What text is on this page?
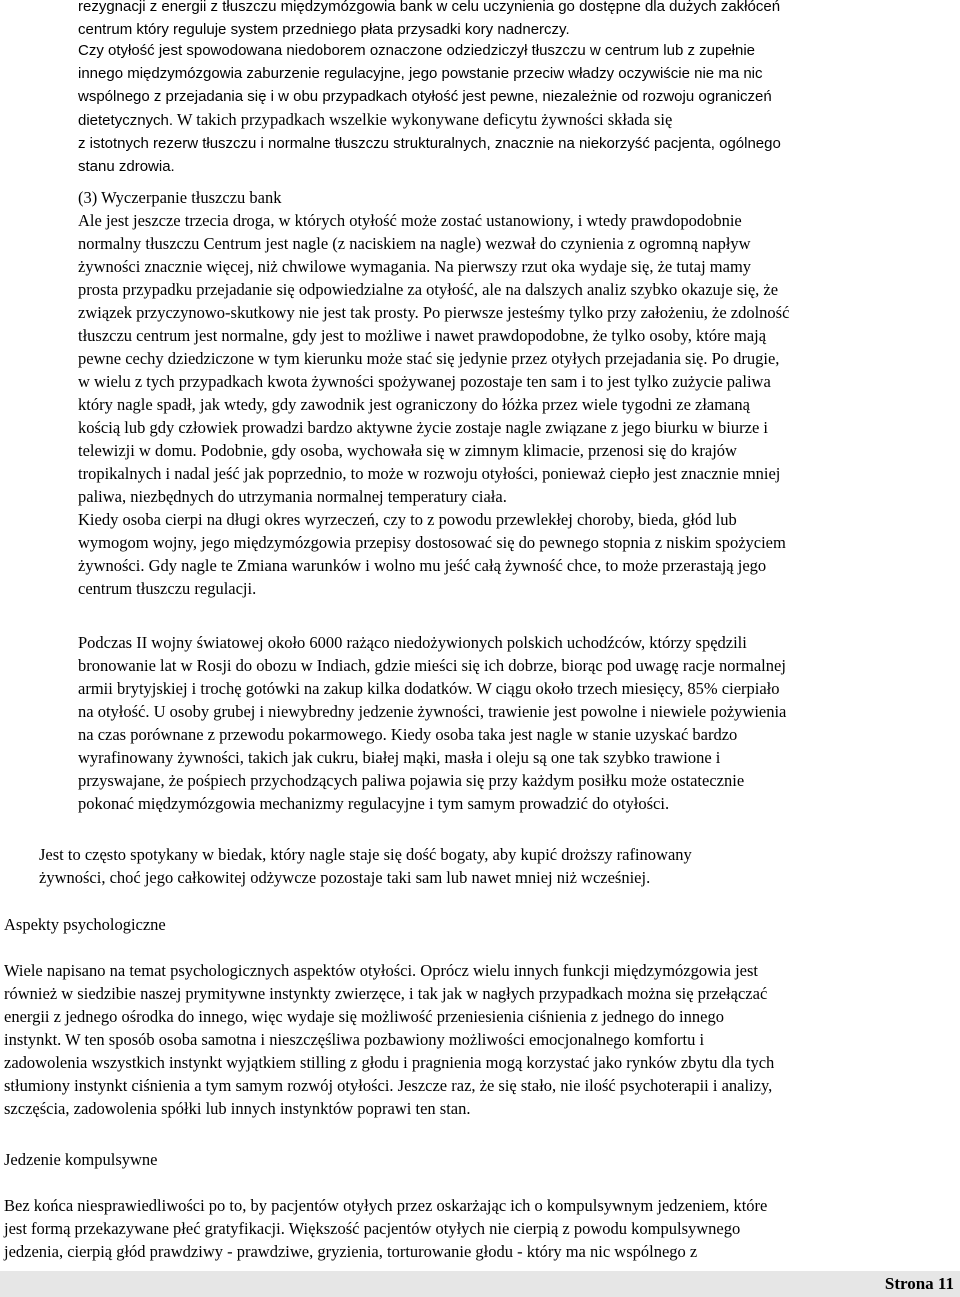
rezygnacji z energii z tłuszczu międzymózgowia bank w celu uczynienia go dostępne dla dużych zakłóceń
centrum który reguluje system przedniego płata przysadki kory nadnerczy.
Czy otyłość jest spowodowana niedoborem oznaczone odziedziczył tłuszczu w centrum lub z zupełnie
innego międzymózgowia zaburzenie regulacyjne, jego powstanie przeciw władzy oczywiście nie ma nic
wspólnego z przejadania się i w obu przypadkach otyłość jest pewne, niezależnie od rozwoju ograniczeń
dietetycznych. W takich przypadkach wszelkie wykonywane deficytu żywności składa się
z istotnych rezerw tłuszczu i normalne tłuszczu strukturalnych, znacznie na niekorzyść pacjenta, ogólnego
stanu zdrowia.
(3) Wyczerpanie tłuszczu bank
Ale jest jeszcze trzecia droga, w których otyłość może zostać ustanowiony, i wtedy prawdopodobnie
normalny tłuszczu Centrum jest nagle (z naciskiem na nagle) wezwał do czynienia z ogromną napływ
żywności znacznie więcej, niż chwilowe wymagania. Na pierwszy rzut oka wydaje się, że tutaj mamy
prosta przypadku przejadanie się odpowiedzialne za otyłość, ale na dalszych analiz szybko okazuje się, że
związek przyczynowo-skutkowy nie jest tak prosty. Po pierwsze jesteśmy tylko przy założeniu, że zdolność
tłuszczu centrum jest normalne, gdy jest to możliwe i nawet prawdopodobne, że tylko osoby, które mają
pewne cechy dziedziczone w tym kierunku może stać się jedynie przez otyłych przejadania się. Po drugie,
w wielu z tych przypadkach kwota żywności spożywanej pozostaje ten sam i to jest tylko zużycie paliwa
który nagle spadł, jak wtedy, gdy zawodnik jest ograniczony do łóżka przez wiele tygodni ze złamaną
kością lub gdy człowiek prowadzi bardzo aktywne życie zostaje nagle związane z jego biurku w biurze i
telewizji w domu. Podobnie, gdy osoba, wychowała się w zimnym klimacie, przenosi się do krajów
tropikalnych i nadal jeść jak poprzednio, to może w rozwoju otyłości, ponieważ ciepło jest znacznie mniej
paliwa, niezbędnych do utrzymania normalnej temperatury ciała.
Kiedy osoba cierpi na długi okres wyrzeczeń, czy to z powodu przewlekłej choroby, bieda, głód lub
wymogom wojny, jego międzymózgowia przepisy dostosować się do pewnego stopnia z niskim spożyciem
żywności. Gdy nagle te Zmiana warunków i wolno mu jeść całą żywność chce, to może przerastają jego
centrum tłuszczu regulacji.
Podczas II wojny światowej około 6000 rażąco niedożywionych polskich uchodźców, którzy spędzili
bronowanie lat w Rosji do obozu w Indiach, gdzie mieści się ich dobrze, biorąc pod uwagę racje normalnej
armii brytyjskiej i trochę gotówki na zakup kilka dodatków. W ciągu około trzech miesięcy, 85% cierpiało
na otyłość. U osoby grubej i niewybredny jedzenie żywności, trawienie jest powolne i niewiele pożywienia
na czas porównane z przewodu pokarmowego. Kiedy osoba taka jest nagle w stanie uzyskać bardzo
wyrafinowany żywności, takich jak cukru, białej mąki, masła i oleju są one tak szybko trawione i
przyswajane, że pośpiech przychodzących paliwa pojawia się przy każdym posiłku może ostatecznie
pokonać międzymózgowia mechanizmy regulacyjne i tym samym prowadzić do otyłości.
Jest to często spotykany w biedak, który nagle staje się dość bogaty, aby kupić droższy rafinowany
żywności, choć jego całkowitej odżywcze pozostaje taki sam lub nawet mniej niż wcześniej.
Aspekty psychologiczne
Wiele napisano na temat psychologicznych aspektów otyłości. Oprócz wielu innych funkcji międzymózgowia jest
również w siedzibie naszej prymitywne instynkty zwierzęce, i tak jak w nagłych przypadkach można się przełączać
energii z jednego ośrodka do innego, więc wydaje się możliwość przeniesienia ciśnienia z jednego do innego
instynkt. W ten sposób osoba samotna i nieszczęśliwa pozbawiony możliwości emocjonalnego komfortu i
zadowolenia wszystkich instynkt wyjątkiem stilling z głodu i pragnienia mogą korzystać jako rynków zbytu dla tych
stłumiony instynkt ciśnienia a tym samym rozwój otyłości. Jeszcze raz, że się stało, nie ilość psychoterapii i analizy,
szczęścia, zadowolenia spółki lub innych instynktów poprawi ten stan.
Jedzenie kompulsywne
Bez końca niesprawiedliwości po to, by pacjentów otyłych przez oskarżając ich o kompulsywnym jedzeniem, które
jest formą przekazywane płeć gratyfikacji. Większość pacjentów otyłych nie cierpią z powodu kompulsywnego
jedzenia, cierpią głód prawdziwy - prawdziwe, gryzienia, torturowanie głodu - który ma nic wspólnego z
Strona 11
